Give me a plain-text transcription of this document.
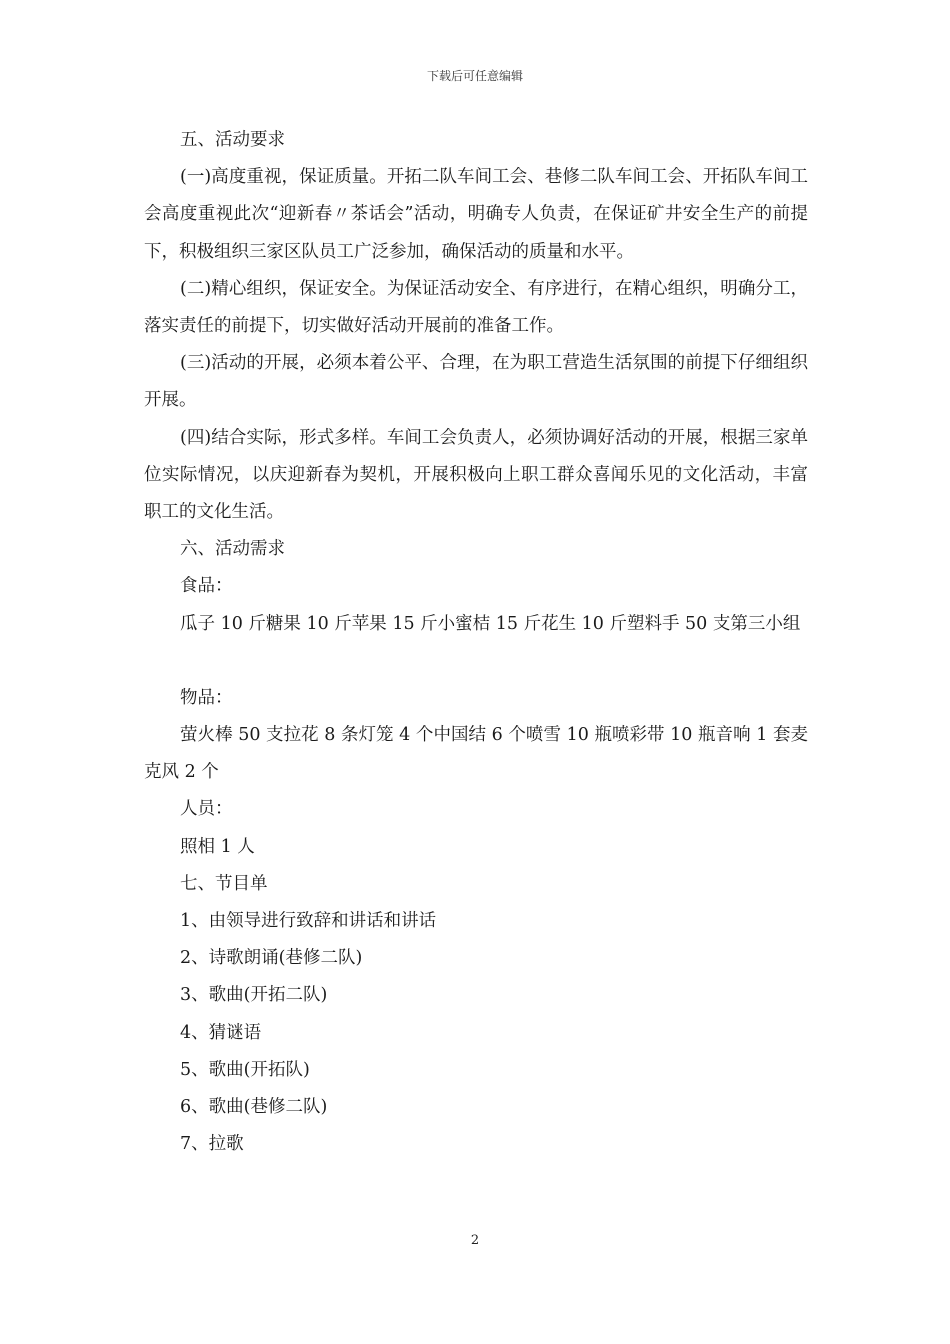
下载后可任意编辑

五、活动要求

(一)高度重视，保证质量。开拓二队车间工会、巷修二队车间工会、开拓队车间工会高度重视此次“迎新春〃茶话会”活动，明确专人负责，在保证矿井安全生产的前提下，积极组织三家区队员工广泛参加，确保活动的质量和水平。

(二)精心组织，保证安全。为保证活动安全、有序进行，在精心组织，明确分工，落实责任的前提下，切实做好活动开展前的准备工作。

(三)活动的开展，必须本着公平、合理，在为职工营造生活氛围的前提下仔细组织开展。

(四)结合实际，形式多样。车间工会负责人，必须协调好活动的开展，根据三家单位实际情况，以庆迎新春为契机，开展积极向上职工群众喜闻乐见的文化活动，丰富职工的文化生活。

六、活动需求

食品：

瓜子 10 斤糖果 10 斤苹果 15 斤小蜜桔 15 斤花生 10 斤塑料手 50 支第三小组

物品：

萤火棒 50 支拉花 8 条灯笼 4 个中国结 6 个喷雪 10 瓶喷彩带 10 瓶音响 1 套麦克风 2 个

人员：

照相 1 人

七、节目单

1、由领导进行致辞和讲话和讲话

2、诗歌朗诵(巷修二队)

3、歌曲(开拓二队)

4、猜谜语

5、歌曲(开拓队)

6、歌曲(巷修二队)

7、拉歌

2
